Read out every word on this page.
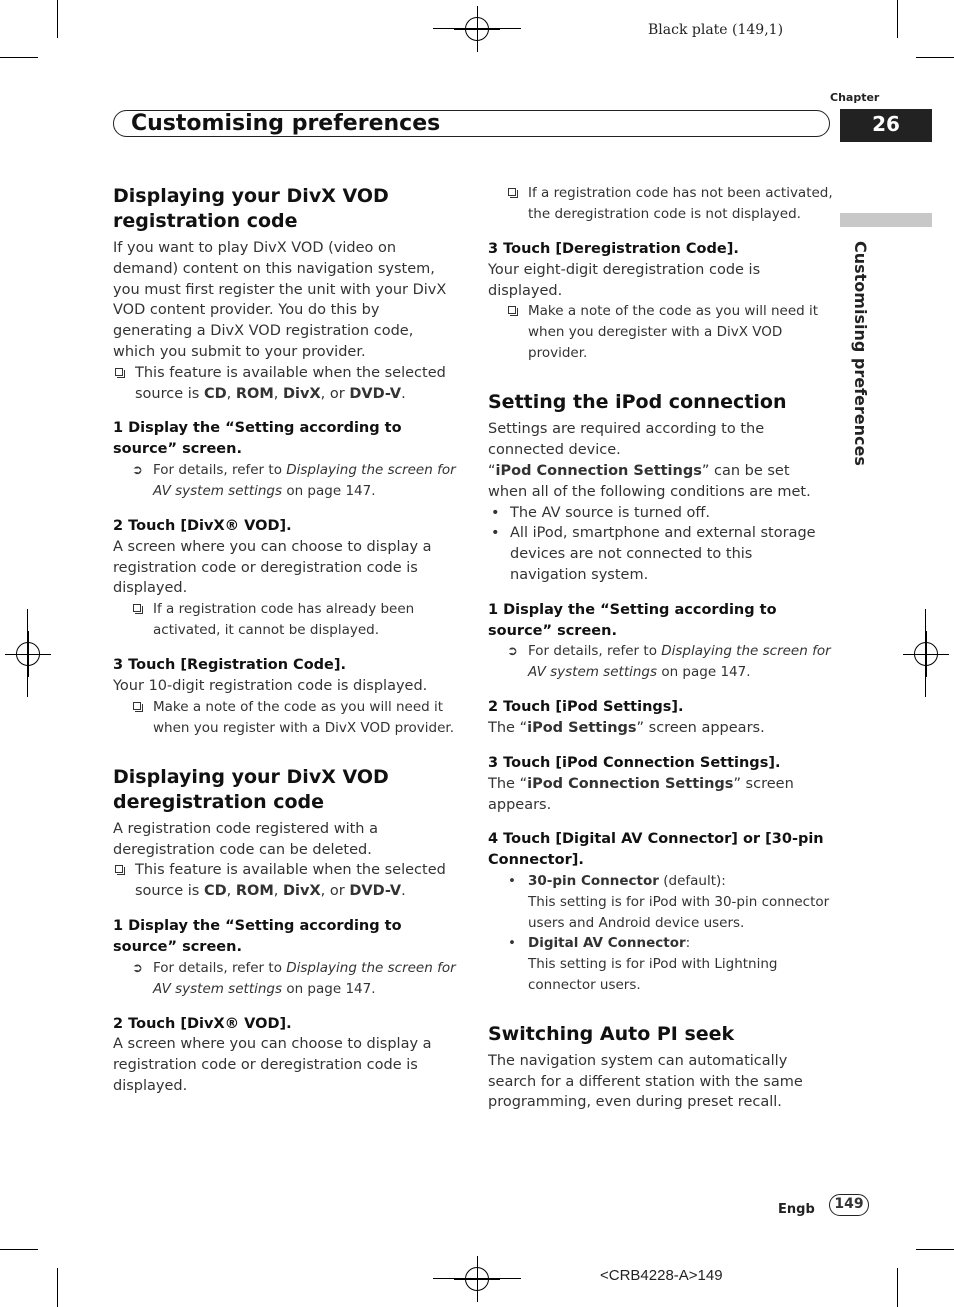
Black plate (149,1)
Chapter
Customising preferences	26
Customising preferences

Displaying your DivX VOD registration code

If you want to play DivX VOD (video on demand) content on this navigation system, you must first register the unit with your DivX VOD content provider. You do this by generating a DivX VOD registration code, which you submit to your provider.

This feature is available when the selected source is CD, ROM, DivX, or DVD-V.

1 Display the “Setting according to source” screen.

➲ For details, refer to Displaying the screen for AV system settings on page 147.

2 Touch [DivX® VOD].

A screen where you can choose to display a registration code or deregistration code is displayed.

If a registration code has already been activated, it cannot be displayed.

3 Touch [Registration Code].

Your 10-digit registration code is displayed.

Make a note of the code as you will need it when you register with a DivX VOD provider.

Displaying your DivX VOD deregistration code

A registration code registered with a deregistration code can be deleted.

This feature is available when the selected source is CD, ROM, DivX, or DVD-V.

1 Display the “Setting according to source” screen.

➲ For details, refer to Displaying the screen for AV system settings on page 147.

2 Touch [DivX® VOD].

A screen where you can choose to display a registration code or deregistration code is displayed.

If a registration code has not been activated, the deregistration code is not displayed.

3 Touch [Deregistration Code].

Your eight-digit deregistration code is displayed.

Make a note of the code as you will need it when you deregister with a DivX VOD provider.

Setting the iPod connection

Settings are required according to the connected device.

“iPod Connection Settings” can be set when all of the following conditions are met.

• The AV source is turned off.

• All iPod, smartphone and external storage devices are not connected to this navigation system.

1 Display the “Setting according to source” screen.

➲ For details, refer to Displaying the screen for AV system settings on page 147.

2 Touch [iPod Settings].

The “iPod Settings” screen appears.

3 Touch [iPod Connection Settings].

The “iPod Connection Settings” screen appears.

4 Touch [Digital AV Connector] or [30-pin Connector].

• 30-pin Connector (default):
This setting is for iPod with 30-pin connector users and Android device users.

• Digital AV Connector:
This setting is for iPod with Lightning connector users.

Switching Auto PI seek

The navigation system can automatically search for a different station with the same programming, even during preset recall.

Engb	149
<CRB4228-A>149
